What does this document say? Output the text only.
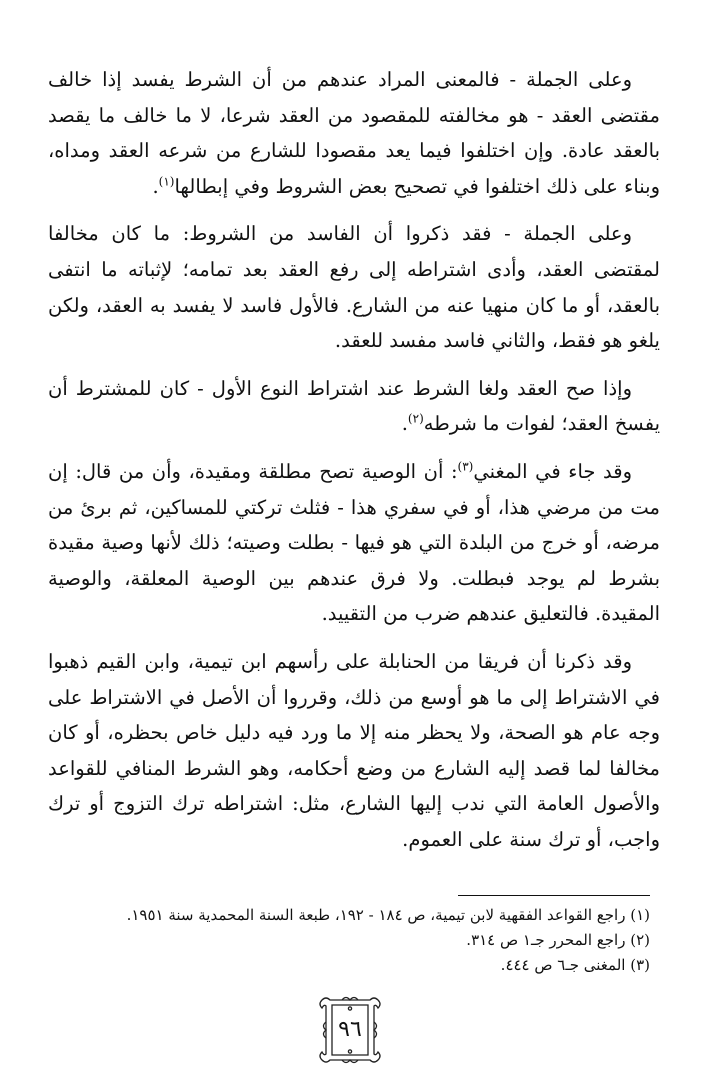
وعلى الجملة - فالمعنى المراد عندهم من أن الشرط يفسد إذا خالف مقتضى العقد - هو مخالفته للمقصود من العقد شرعا، لا ما خالف ما يقصد بالعقد عادة. وإن اختلفوا فيما يعد مقصودا للشارع من شرعه العقد ومداه، وبناء على ذلك اختلفوا في تصحيح بعض الشروط وفي إبطالها$^{(١)}$.

وعلى الجملة - فقد ذكروا أن الفاسد من الشروط: ما كان مخالفا لمقتضى العقد، وأدى اشتراطه إلى رفع العقد بعد تمامه؛ لإثباته ما انتفى بالعقد، أو ما كان منهيا عنه من الشارع. فالأول فاسد لا يفسد به العقد، ولكن يلغو هو فقط، والثاني فاسد مفسد للعقد.

وإذا صح العقد ولغا الشرط عند اشتراط النوع الأول - كان للمشترط أن يفسخ العقد؛ لفوات ما شرطه$^{(٢)}$.

وقد جاء في المغني$^{(٣)}$: أن الوصية تصح مطلقة ومقيدة، وأن من قال: إن مت من مرضي هذا، أو في سفري هذا - فثلث تركتي للمساكين، ثم برئ من مرضه، أو خرج من البلدة التي هو فيها - بطلت وصيته؛ ذلك لأنها وصية مقيدة بشرط لم يوجد فبطلت. ولا فرق عندهم بين الوصية المعلقة، والوصية المقيدة. فالتعليق عندهم ضرب من التقييد.

وقد ذكرنا أن فريقا من الحنابلة على رأسهم ابن تيمية، وابن القيم ذهبوا في الاشتراط إلى ما هو أوسع من ذلك، وقرروا أن الأصل في الاشتراط على وجه عام هو الصحة، ولا يحظر منه إلا ما ورد فيه دليل خاص بحظره، أو كان مخالفا لما قصد إليه الشارع من وضع أحكامه، وهو الشرط المنافي للقواعد والأصول العامة التي ندب إليها الشارع، مثل: اشتراطه ترك التزوج أو ترك واجب، أو ترك سنة على العموم.

(١) راجع القواعد الفقهية لابن تيمية، ص ١٨٤ - ١٩٢، طبعة السنة المحمدية سنة ١٩٥١.

(٢) راجع المحرر جـ١ ص ٣١٤.

(٣) المغنى جـ٦ ص ٤٤٤.

٩٦
